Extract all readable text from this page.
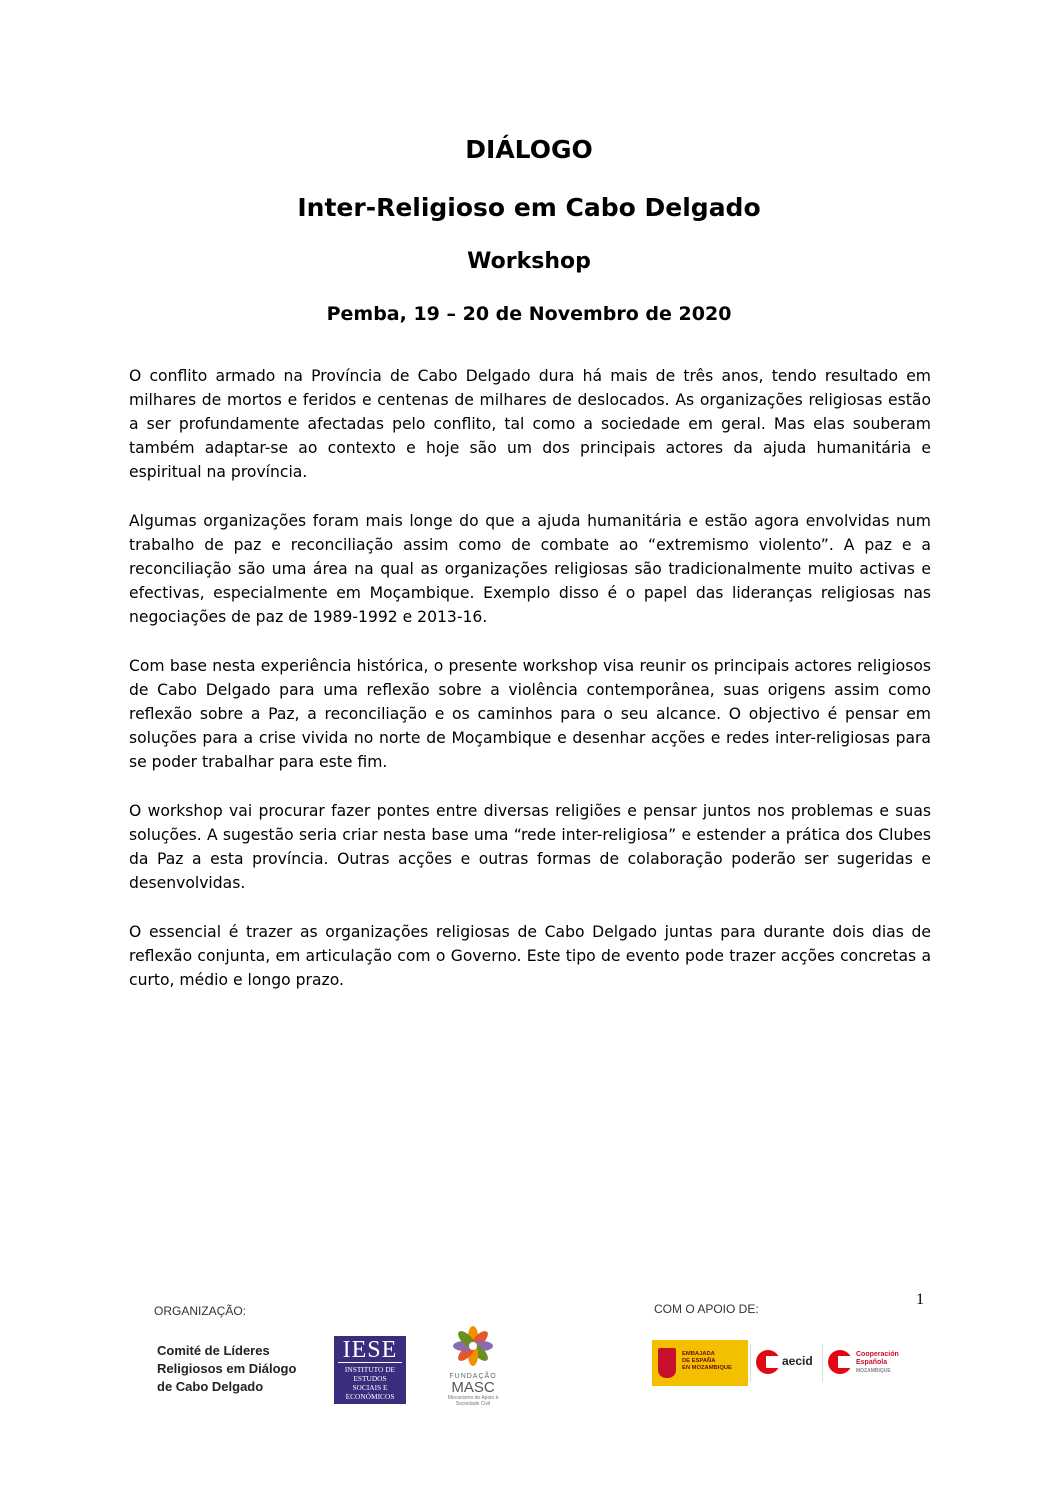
DIÁLOGO
Inter-Religioso em Cabo Delgado
Workshop
Pemba, 19 – 20 de Novembro de 2020

O conflito armado na Província de Cabo Delgado dura há mais de três anos, tendo resultado em milhares de mortos e feridos e centenas de milhares de deslocados. As organizações religiosas estão a ser profundamente afectadas pelo conflito, tal como a sociedade em geral. Mas elas souberam também adaptar-se ao contexto e hoje são um dos principais actores da ajuda humanitária e espiritual na província.

Algumas organizações foram mais longe do que a ajuda humanitária e estão agora envolvidas num trabalho de paz e reconciliação assim como de combate ao “extremismo violento”. A paz e a reconciliação são uma área na qual as organizações religiosas são tradicionalmente muito activas e efectivas, especialmente em Moçambique. Exemplo disso é o papel das lideranças religiosas nas negociações de paz de 1989-1992 e 2013-16.

Com base nesta experiência histórica, o presente workshop visa reunir os principais actores religiosos de Cabo Delgado para uma reflexão sobre a violência contemporânea, suas origens assim como reflexão sobre a Paz, a reconciliação e os caminhos para o seu alcance. O objectivo é pensar em soluções para a crise vivida no norte de Moçambique e desenhar acções e redes inter-religiosas para se poder trabalhar para este fim.

O workshop vai procurar fazer pontes entre diversas religiões e pensar juntos nos problemas e suas soluções. A sugestão seria criar nesta base uma “rede inter-religiosa” e estender a prática dos Clubes da Paz a esta província. Outras acções e outras formas de colaboração poderão ser sugeridas e desenvolvidas.

O essencial é trazer as organizações religiosas de Cabo Delgado juntas para durante dois dias de reflexão conjunta, em articulação com o Governo. Este tipo de evento pode trazer acções concretas a curto, médio e longo prazo.

1
ORGANIZAÇÃO:	COM O APOIO DE:
Comité de Líderes
Religiosos em Diálogo
de Cabo Delgado
IESE
INSTITUTO DE
ESTUDOS
SOCIAIS E
ECONÓMICOS
FUNDAÇÃO
MASC
Mecanismo de Apoio à Sociedade Civil
EMBAJADA
DE ESPAÑA
EN MOZAMBIQUE	aecid	Cooperación
Española
MOZAMBIQUE
